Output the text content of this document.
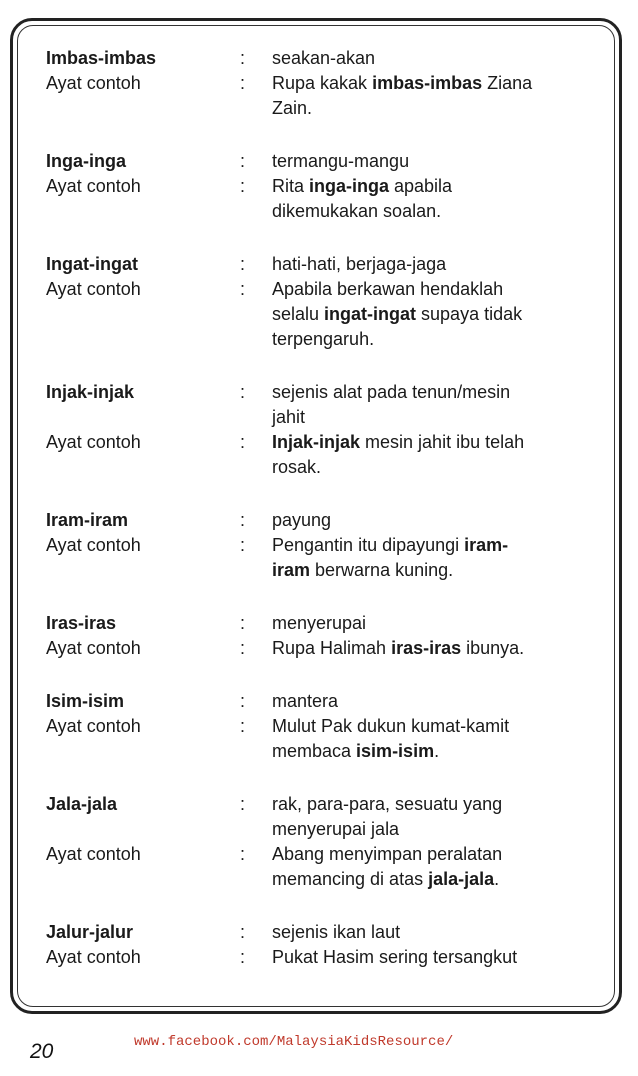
Imbas-imbas	:	seakan-akan
Ayat contoh	:	Rupa kakak imbas-imbas Ziana
Zain.
Inga-inga	:	termangu-mangu
Ayat contoh	:	Rita inga-inga apabila
dikemukakan soalan.
Ingat-ingat	:	hati-hati, berjaga-jaga
Ayat contoh	:	Apabila berkawan hendaklah
selalu ingat-ingat supaya tidak
terpengaruh.
Injak-injak	:	sejenis alat pada tenun/mesin
jahit
Ayat contoh	:	Injak-injak mesin jahit ibu telah
rosak.
Iram-iram	:	payung
Ayat contoh	:	Pengantin itu dipayungi iram-
iram berwarna kuning.
Iras-iras	:	menyerupai
Ayat contoh	:	Rupa Halimah iras-iras ibunya.
Isim-isim	:	mantera
Ayat contoh	:	Mulut Pak dukun kumat-kamit
membaca isim-isim.
Jala-jala	:	rak, para-para, sesuatu yang
menyerupai jala
Ayat contoh	:	Abang menyimpan peralatan
memancing di atas jala-jala.
Jalur-jalur	:	sejenis ikan laut
Ayat contoh	:	Pukat Hasim sering tersangkut
20	www.facebook.com/MalaysiaKidsResource/
